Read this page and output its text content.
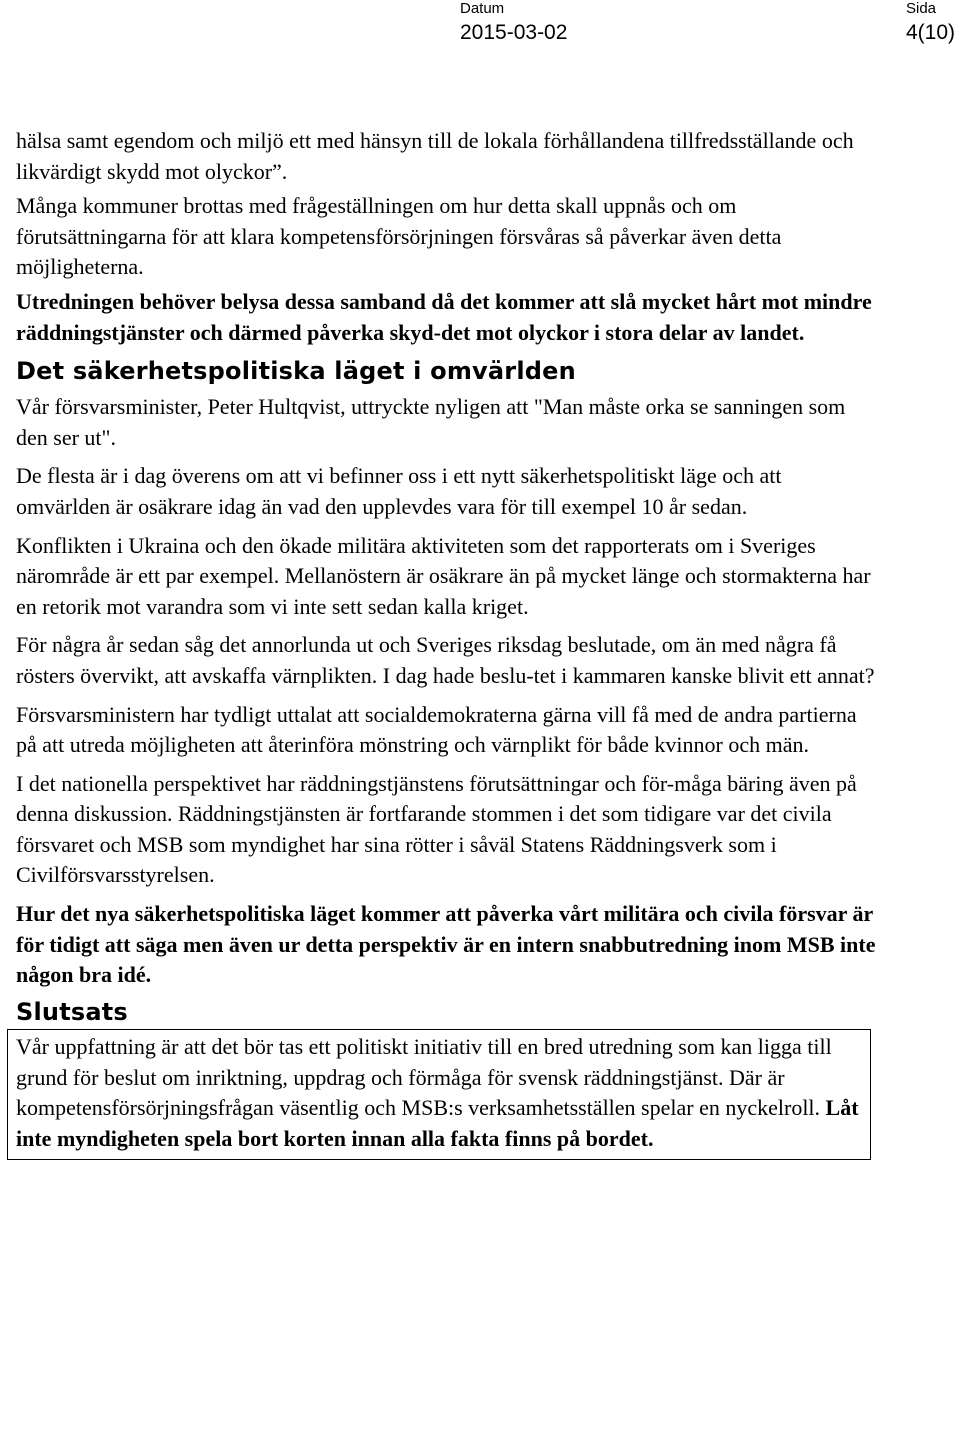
Datum
2015-03-02
Sida
4(10)

hälsa samt egendom och miljö ett med hänsyn till de lokala förhållandena tillfredsställande och likvärdigt skydd mot olyckor”.

Många kommuner brottas med frågeställningen om hur detta skall uppnås och om förutsättningarna för att klara kompetensförsörjningen försvåras så påverkar även detta möjligheterna.

Utredningen behöver belysa dessa samband då det kommer att slå mycket hårt mot mindre räddningstjänster och därmed påverka skyd-det mot olyckor i stora delar av landet.

Det säkerhetspolitiska läget i omvärlden

Vår försvarsminister, Peter Hultqvist, uttryckte nyligen att "Man måste orka se sanningen som den ser ut".

De flesta är i dag överens om att vi befinner oss i ett nytt säkerhetspolitiskt läge och att omvärlden är osäkrare idag än vad den upplevdes vara för till exempel 10 år sedan.

Konflikten i Ukraina och den ökade militära aktiviteten som det rapporterats om i Sveriges närområde är ett par exempel. Mellanöstern är osäkrare än på mycket länge och stormakterna har en retorik mot varandra som vi inte sett sedan kalla kriget.

För några år sedan såg det annorlunda ut och Sveriges riksdag beslutade, om än med några få rösters övervikt, att avskaffa värnplikten. I dag hade beslu-tet i kammaren kanske blivit ett annat?

Försvarsministern har tydligt uttalat att socialdemokraterna gärna vill få med de andra partierna på att utreda möjligheten att återinföra mönstring och värnplikt för både kvinnor och män.

I det nationella perspektivet har räddningstjänstens förutsättningar och för-måga bäring även på denna diskussion. Räddningstjänsten är fortfarande stommen i det som tidigare var det civila försvaret och MSB som myndighet har sina rötter i såväl Statens Räddningsverk som i Civilförsvarsstyrelsen.

Hur det nya säkerhetspolitiska läget kommer att påverka vårt militära och civila försvar är för tidigt att säga men även ur detta perspektiv är en intern snabbutredning inom MSB inte någon bra idé.

Slutsats
Vår uppfattning är att det bör tas ett politiskt initiativ till en bred utredning som kan ligga till grund för beslut om inriktning, uppdrag och förmåga för svensk räddningstjänst. Där är kompetensförsörjningsfrågan väsentlig och MSB:s verksamhetsställen spelar en nyckelroll. Låt inte myndigheten spela bort korten innan alla fakta finns på bordet.
